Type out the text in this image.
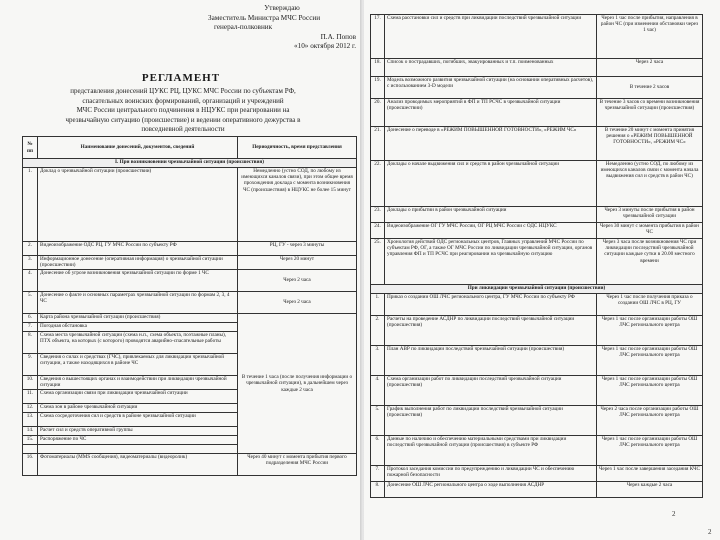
Утверждаю
Заместитель Министра МЧС России
генерал-полковник
П.А. Попов
«10» октября 2012 г.
РЕГЛАМЕНТ
представления донесений ЦУКС РЦ, ЦУКС МЧС России по субъектам РФ,
спасательных воинских формирований, организаций и учреждений
МЧС России центрального подчинения в НЦУКС при реагировании на
чрезвычайную ситуацию (происшествие) и ведении оперативного дежурства в
повседневной деятельности
№ пп	Наименование донесений, документов, сведений	Периодичность, время представления
I. При возникновении чрезвычайной ситуации (происшествия)		
1.	Доклад о чрезвычайной ситуации (происшествии)	Немедленно (устно СОД, по любому из имеющихся каналов связи), при этом общее время прохождения доклада с момента возникновения ЧС (происшествия) в НЦУКС не более 15 минут
2.	Видеоизображение ОДС РЦ, ГУ МЧС России по субъекту РФ	РЦ, ГУ - через 3 минуты
3.	Информационное донесение (оперативная информация) о чрезвычайной ситуации (происшествии)	Через 20 минут
4.	Донесение об угрозе возникновения чрезвычайной ситуации по форме 1 ЧС	Через 2 часа
5.	Донесение о факте и основных параметрах чрезвычайной ситуации по формам 2, 3, 4 ЧС	Через 2 часа
6.	Карта района чрезвычайной ситуации (происшествия)	В течение 1 часа (после получения информации о чрезвычайной ситуации), в дальнейшем через каждые 2 часа
7.	Погодная обстановка	
8.	Схема места чрезвычайной ситуации (схема н.п., схема объекта, поэтажные планы), ПТХ объекта, на которых (с которого) проводятся аварийно-спасательные работы	
9.	Сведения о силах и средствах (ГЧС), привлекаемых для ликвидации чрезвычайной ситуации, а также находящихся в районе ЧС	
10.	Сведения о вышестоящих органах и взаимодействии при ликвидации чрезвычайной ситуации	
11.	Схема организации связи при ликвидации чрезвычайной ситуации	
12.	Схема зон в районе чрезвычайной ситуации	
13.	Схема сосредоточения сил и средств в районе чрезвычайной ситуации	
14.	Расчет сил и средств оперативной группы	
15.	Распоряжение по ЧС	

16.	Фотоматериалы (MMS сообщения), видеоматериалы (видеоролик)	Через 40 минут с момента прибытия первого подразделения МЧС России
17.	Схема расстановки сил и средств при ликвидации последствий чрезвычайной ситуации	Через 1 час после прибытия, направления в район ЧС (при изменении обстановки через 1 час)
18.	Список о пострадавших, погибших, эвакуированных и т.п. поименованных	Через 2 часа
19.	Модель возможного развития чрезвычайной ситуации (на основании оперативных расчетов), с использованием 3-D модели	В течение 2 часов
20.	Анализ проводимых мероприятий в ФП и ТП РСЧС в чрезвычайной ситуации (происшествии)	В течение 3 часов со времени возникновения чрезвычайной ситуации (происшествия)
21.	Донесение о переводе в «РЕЖИМ ПОВЫШЕННОЙ ГОТОВНОСТИ», «РЕЖИМ ЧС»	В течение 20 минут с момента принятия решения о «РЕЖИМ ПОВЫШЕННОЙ ГОТОВНОСТИ», «РЕЖИМ ЧС»
22.	Доклады о начале выдвижения сил и средств в район чрезвычайной ситуации	Немедленно (устно СОД, по любому из имеющихся каналов связи с момента начала выдвижения сил и средств в район ЧС)
23.	Доклады о прибытии в район чрезвычайной ситуации	Через 3 минуты после прибытия в район чрезвычайной ситуации
24.	Видеоизображение ОГ ГУ МЧС России, ОГ РЦ МЧС России с ОДС НЦУКС	Через 30 минут с момента прибытия в район ЧС
25.	Хронология действий ОДС региональных центров, Главных управлений МЧС России по субъектам РФ, ОГ, а также ОГ МЧС России по ликвидации чрезвычайной ситуации, органов управления ФП и ТП РСЧС при реагировании на чрезвычайную ситуацию	Через 3 часа после возникновения ЧС при ликвидации последствий чрезвычайной ситуации каждые сутки в 20.00 местного времени
При ликвидации чрезвычайной ситуации (происшествии)		
1.	Приказ о создании ОШ ЛЧС регионального центра, ГУ МЧС России по субъекту РФ	Через 1 час после получения приказа о создании ОШ ЛЧС в РЦ, ГУ
2.	Расчеты на проведение АСДНР по ликвидации последствий чрезвычайной ситуации (происшествия)	Через 1 час после организации работы ОШ ЛЧС регионального центра
3.	План АВР по ликвидации последствий чрезвычайной ситуации (происшествия)	Через 1 час после организации работы ОШ ЛЧС регионального центра
4.	Схема организации работ по ликвидации последствий чрезвычайной ситуации (происшествия)	Через 1 час после организации работы ОШ ЛЧС регионального центра
5.	График выполнения работ по ликвидации последствий чрезвычайной ситуации (происшествия)	Через 2 часа после организации работы ОШ ЛЧС регионального центра
6.	Данные по наличию и обеспечению материальными средствами при ликвидации последствий чрезвычайной ситуации (происшествия) в субъекте РФ	Через 1 час после организации работы ОШ ЛЧС регионального центра
7.	Протокол заседания комиссии по предупреждению и ликвидации ЧС и обеспечению пожарной безопасности	Через 1 час после завершения заседания КЧС
8.	Донесение ОШ ЛЧС регионального центра о ходе выполнения АСДНР	Через каждые 2 часа
2
2
